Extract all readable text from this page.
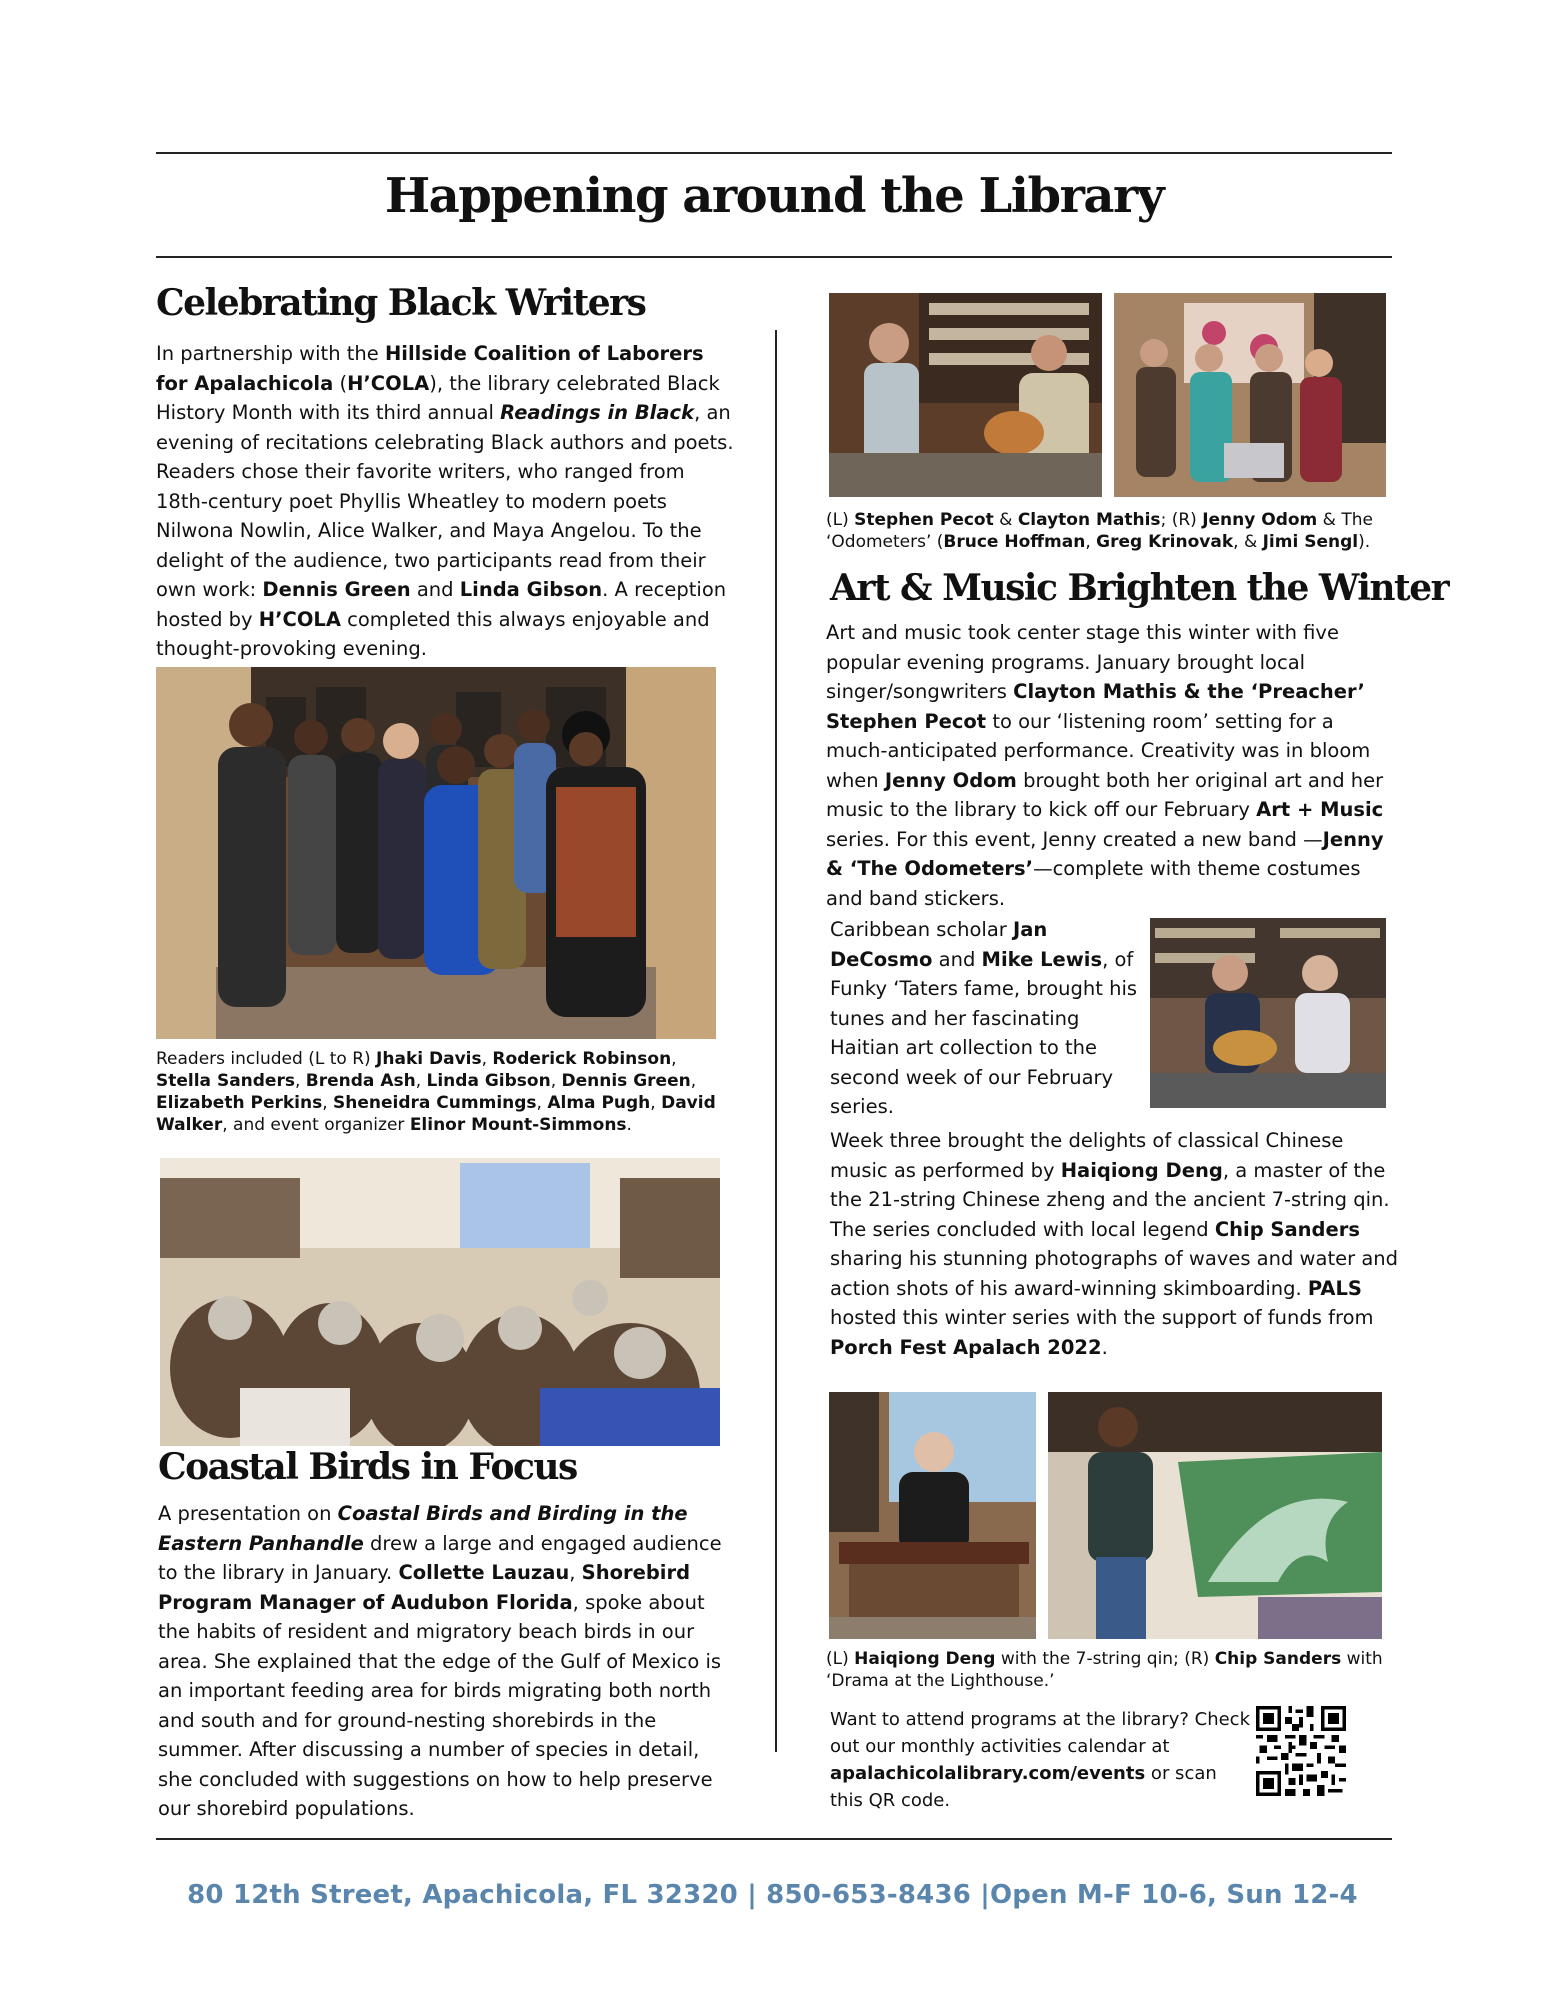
Happening around the Library
Celebrating Black Writers

In partnership with the Hillside Coalition of Laborers for Apalachicola (H’COLA), the library celebrated Black History Month with its third annual Readings in Black, an evening of recitations celebrating Black authors and poets. Readers chose their favorite writers, who ranged from 18th-century poet Phyllis Wheatley to modern poets Nilwona Nowlin, Alice Walker, and Maya Angelou. To the delight of the audience, two participants read from their own work: Dennis Green and Linda Gibson. A reception hosted by H’COLA completed this always enjoyable and thought-provoking evening.

Readers included (L to R) Jhaki Davis, Roderick Robinson, Stella Sanders, Brenda Ash, Linda Gibson, Dennis Green, Elizabeth Perkins, Sheneidra Cummings, Alma Pugh, David Walker, and event organizer Elinor Mount-Simmons.

Coastal Birds in Focus

A presentation on Coastal Birds and Birding in the Eastern Panhandle drew a large and engaged audience to the library in January. Collette Lauzau, Shorebird Program Manager of Audubon Florida, spoke about the habits of resident and migratory beach birds in our area. She explained that the edge of the Gulf of Mexico is an important feeding area for birds migrating both north and south and for ground-nesting shorebirds in the summer. After discussing a number of species in detail, she concluded with suggestions on how to help preserve our shorebird populations.

(L) Stephen Pecot & Clayton Mathis; (R) Jenny Odom & The ‘Odometers’ (Bruce Hoffman, Greg Krinovak, & Jimi Sengl).

Art & Music Brighten the Winter

Art and music took center stage this winter with five popular evening programs. January brought local singer/songwriters Clayton Mathis & the ‘Preacher’ Stephen Pecot to our ‘listening room’ setting for a much-anticipated performance. Creativity was in bloom when Jenny Odom brought both her original art and her music to the library to kick off our February Art + Music series. For this event, Jenny created a new band —Jenny & ‘The Odometers’—complete with theme costumes and band stickers.

Caribbean scholar Jan DeCosmo and Mike Lewis, of Funky ‘Taters fame, brought his tunes and her fascinating Haitian art collection to the second week of our February series.

Week three brought the delights of classical Chinese music as performed by Haiqiong Deng, a master of the the 21-string Chinese zheng and the ancient 7-string qin. The series concluded with local legend Chip Sanders sharing his stunning photographs of waves and water and action shots of his award-winning skimboarding. PALS hosted this winter series with the support of funds from Porch Fest Apalach 2022.

(L) Haiqiong Deng with the 7-string qin; (R) Chip Sanders with ‘Drama at the Lighthouse.’

Want to attend programs at the library? Check out our monthly activities calendar at apalachicolalibrary.com/events or scan this QR code.

80 12th Street, Apachicola, FL 32320 | 850-653-8436 |Open M-F 10-6, Sun 12-4
